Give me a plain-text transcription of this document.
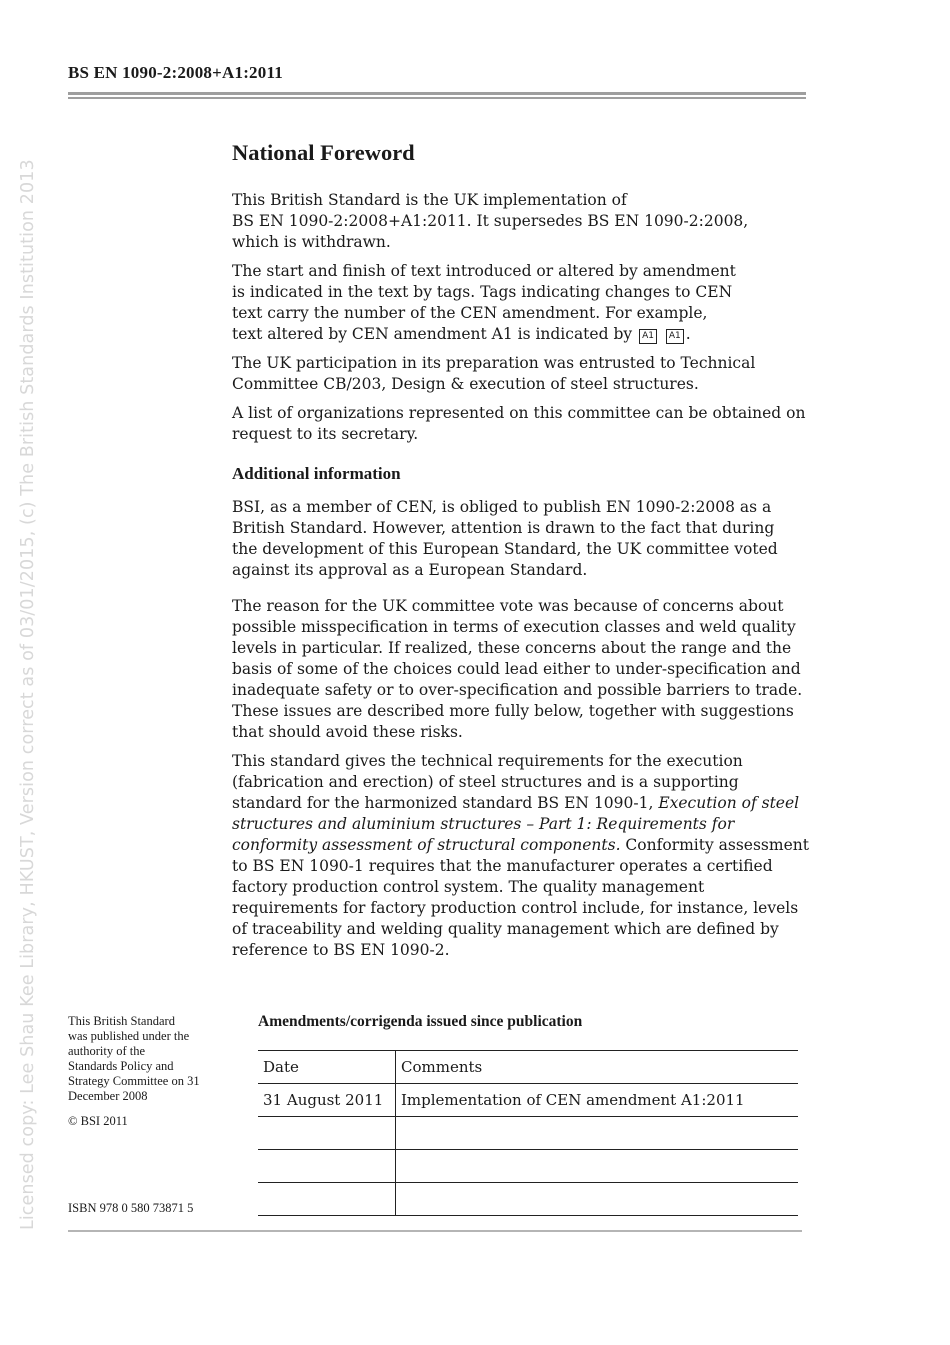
BS EN 1090-2:2008+A1:2011
Licensed copy: Lee Shau Kee Library, HKUST, Version correct as of 03/01/2015, (c) The British Standards Institution 2013
National Foreword

This British Standard is the UK implementation of
BS EN 1090-2:2008+A1:2011. It supersedes BS EN 1090-2:2008,
which is withdrawn.

The start and finish of text introduced or altered by amendment
is indicated in the text by tags. Tags indicating changes to CEN
text carry the number of the CEN amendment. For example,
text altered by CEN amendment A1 is indicated by A1 A1 .

The UK participation in its preparation was entrusted to Technical
Committee CB/203, Design & execution of steel structures.

A list of organizations represented on this committee can be obtained on
request to its secretary.

Additional information

BSI, as a member of CEN, is obliged to publish EN 1090-2:2008 as a
British Standard. However, attention is drawn to the fact that during
the development of this European Standard, the UK committee voted
against its approval as a European Standard.

The reason for the UK committee vote was because of concerns about
possible misspecification in terms of execution classes and weld quality
levels in particular. If realized, these concerns about the range and the
basis of some of the choices could lead either to under-specification and
inadequate safety or to over-specification and possible barriers to trade.
These issues are described more fully below, together with suggestions
that should avoid these risks.

This standard gives the technical requirements for the execution
(fabrication and erection) of steel structures and is a supporting
standard for the harmonized standard BS EN 1090-1, Execution of steel
structures and aluminium structures – Part 1: Requirements for
conformity assessment of structural components. Conformity assessment
to BS EN 1090-1 requires that the manufacturer operates a certified
factory production control system. The quality management
requirements for factory production control include, for instance, levels
of traceability and welding quality management which are defined by
reference to BS EN 1090-2.

This British Standard
was published under the
authority of the
Standards Policy and
Strategy Committee on 31
December 2008
© BSI 2011
ISBN 978 0 580 73871 5
Amendments/corrigenda issued since publication
Date	Comments
31 August 2011	Implementation of CEN amendment A1:2011
